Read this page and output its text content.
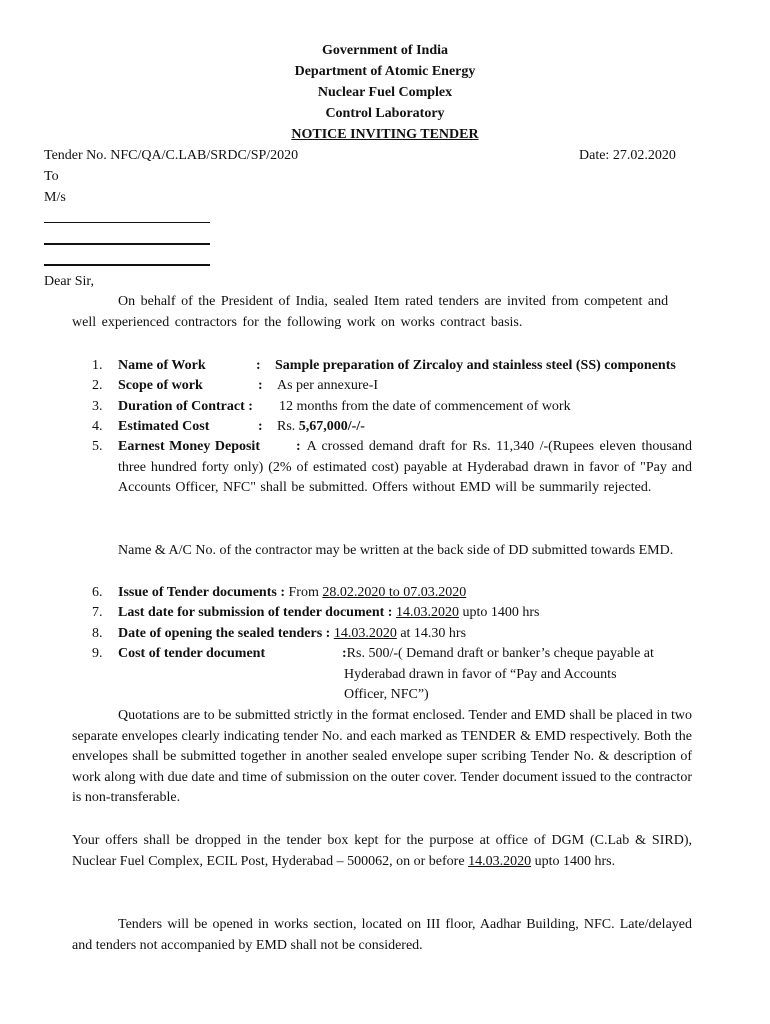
Government of India
Department of Atomic Energy
Nuclear Fuel Complex
Control Laboratory
NOTICE INVITING TENDER
Tender No. NFC/QA/C.LAB/SRDC/SP/2020	Date: 27.02.2020
To
M/s
Dear Sir,
On behalf of the President of India, sealed Item rated tenders are invited from competent and well experienced contractors for the following work on works contract basis.
1.	Name of Work	: Sample preparation of Zircaloy and stainless steel (SS) components
2.	Scope of work	: As per annexure-I
3.	Duration of Contract : 12 months from the date of commencement of work
4.	Estimated Cost	: Rs. 5,67,000/-/-
5.	Earnest Money Deposit	: A crossed demand draft for Rs. 11,340 /-(Rupees eleven thousand three hundred forty only) (2% of estimated cost) payable at Hyderabad drawn in favor of "Pay and Accounts Officer, NFC" shall be submitted. Offers without EMD will be summarily rejected.
Name & A/C No. of the contractor may be written at the back side of DD submitted towards EMD.
6.	Issue of Tender documents : From 28.02.2020 to 07.03.2020
7.	Last date for submission of tender document : 14.03.2020 upto 1400 hrs
8.	Date of opening the sealed tenders : 14.03.2020 at 14.30 hrs
9.	Cost of tender document	:Rs. 500/-( Demand draft or banker’s cheque payable at
Hyderabad drawn in favor of “Pay and Accounts
Officer, NFC”)
Quotations are to be submitted strictly in the format enclosed. Tender and EMD shall be placed in two separate envelopes clearly indicating tender No. and each marked as TENDER & EMD respectively. Both the envelopes shall be submitted together in another sealed envelope super scribing Tender No. & description of work along with due date and time of submission on the outer cover. Tender document issued to the contractor is non-transferable.
Your offers shall be dropped in the tender box kept for the purpose at office of DGM (C.Lab & SIRD), Nuclear Fuel Complex, ECIL Post, Hyderabad – 500062, on or before 14.03.2020 upto 1400 hrs.
Tenders will be opened in works section, located on III floor, Aadhar Building, NFC. Late/delayed and tenders not accompanied by EMD shall not be considered.
